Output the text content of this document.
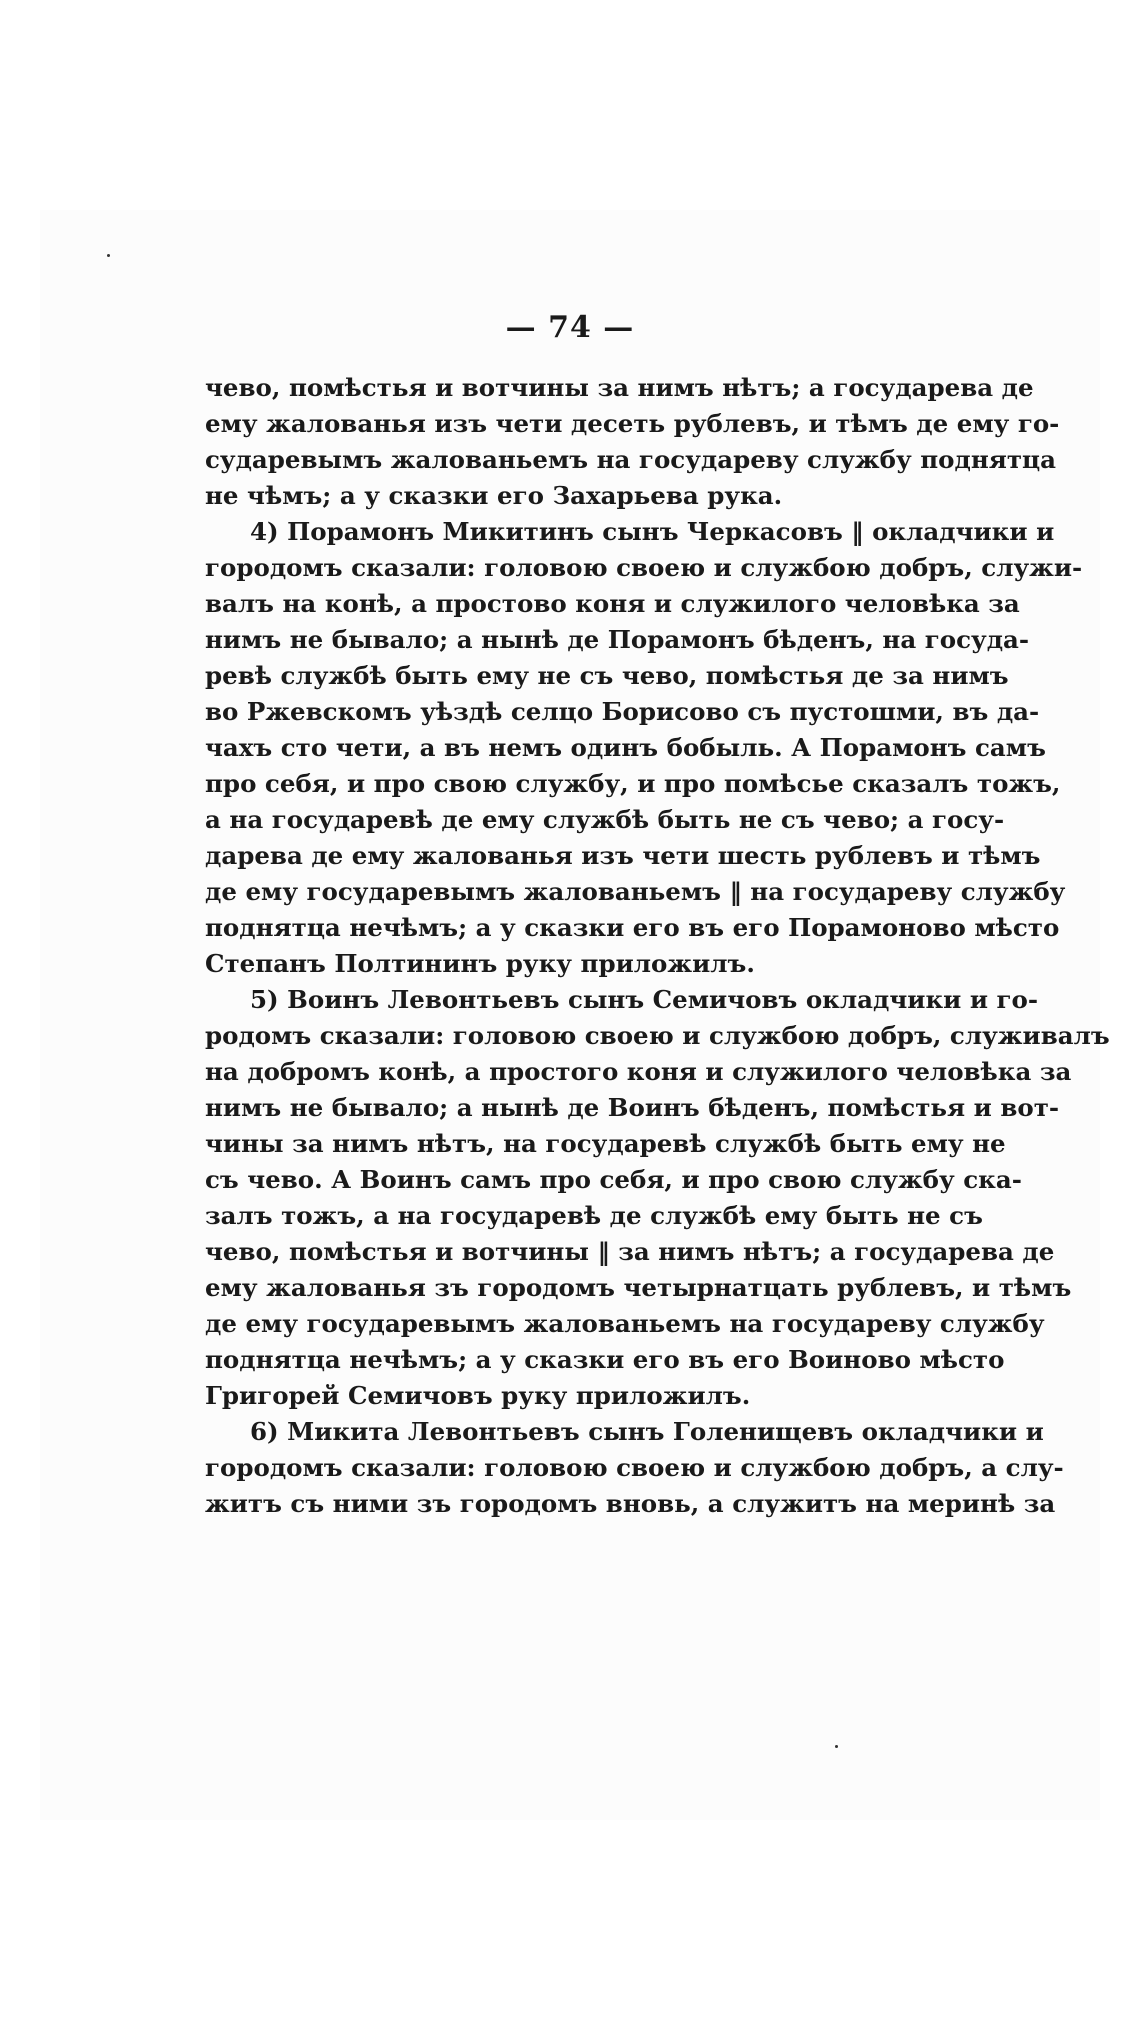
— 74 —
чево, помѣстья и вотчины за нимъ нѣтъ; а государева де
ему жалованья изъ чети десеть рублевъ, и тѣмъ де ему го-
сударевымъ жалованьемъ на государеву службу поднятца
не чѣмъ; а у сказки его Захарьева рука.
4) Порамонъ Микитинъ сынъ Черкасовъ ‖ окладчики и
городомъ сказали: головою своею и службою добръ, служи-
валъ на конѣ, а простово коня и служилого человѣка за
нимъ не бывало; а нынѣ де Порамонъ бѣденъ, на госуда-
ревѣ службѣ быть ему не съ чево, помѣстья де за нимъ
во Ржевскомъ уѣздѣ селцо Борисово съ пустошми, въ да-
чахъ сто чети, а въ немъ одинъ бобыль. А Порамонъ самъ
про себя, и про свою службу, и про помѣсье сказалъ тожъ,
а на государевѣ де ему службѣ быть не съ чево; а госу-
дарева де ему жалованья изъ чети шесть рублевъ и тѣмъ
де ему государевымъ жалованьемъ ‖ на государеву службу
поднятца нечѣмъ; а у сказки его въ его Порамоново мѣсто
Степанъ Полтининъ руку приложилъ.
5) Воинъ Левонтьевъ сынъ Семичовъ окладчики и го-
родомъ сказали: головою своею и службою добръ, служивалъ
на добромъ конѣ, а простого коня и служилого человѣка за
нимъ не бывало; а нынѣ де Воинъ бѣденъ, помѣстья и вот-
чины за нимъ нѣтъ, на государевѣ службѣ быть ему не
съ чево. А Воинъ самъ про себя, и про свою службу ска-
залъ тожъ, а на государевѣ де службѣ ему быть не съ
чево, помѣстья и вотчины ‖ за нимъ нѣтъ; а государева де
ему жалованья зъ городомъ четырнатцать рублевъ, и тѣмъ
де ему государевымъ жалованьемъ на государеву службу
поднятца нечѣмъ; а у сказки его въ его Воиново мѣсто
Григорей Семичовъ руку приложилъ.
6) Микита Левонтьевъ сынъ Голенищевъ окладчики и
городомъ сказали: головою своею и службою добръ, а слу-
житъ съ ними зъ городомъ вновь, а служитъ на меринѣ за
